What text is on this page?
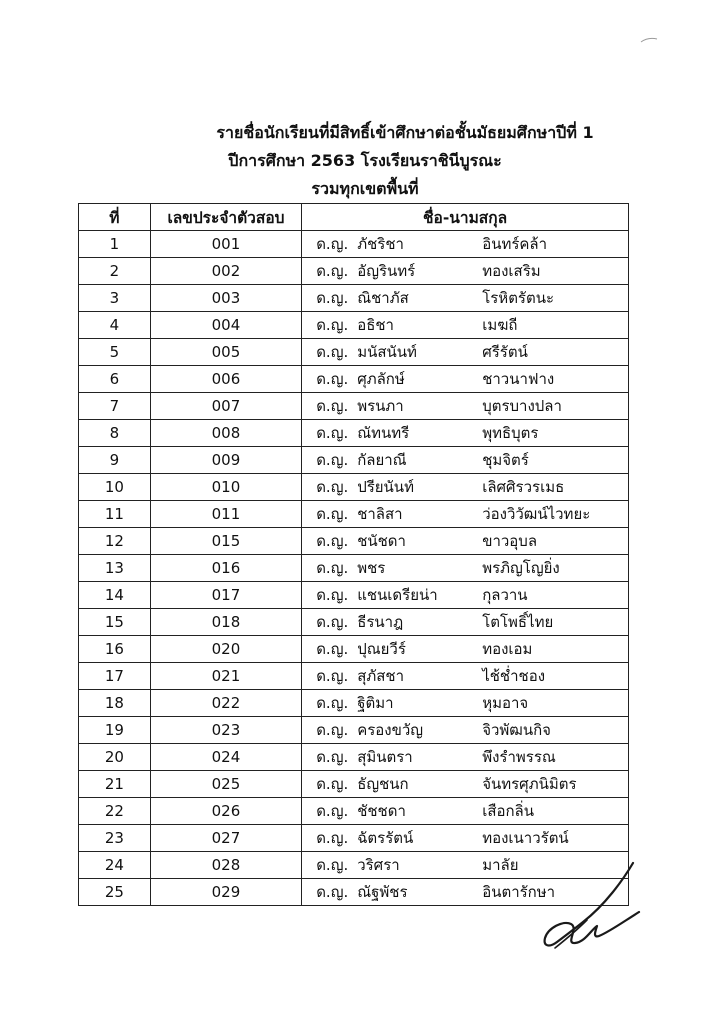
รายชื่อนักเรียนที่มีสิทธิ์เข้าศึกษาต่อชั้นมัธยมศึกษาปีที่ 1
ปีการศึกษา 2563 โรงเรียนราชินีบูรณะ
รวมทุกเขตพื้นที่
ที่	เลขประจำตัวสอบ	ชื่อ-นามสกุล
1	001	ด.ญ. ภัชริชา อินทร์คล้า

2	002	ด.ญ. อัญรินทร์ ทองเสริม

3	003	ด.ญ. ณิชาภัส โรหิตรัตนะ

4	004	ด.ญ. อธิชา เมฆถี

5	005	ด.ญ. มนัสนันท์ ศรีรัตน์

6	006	ด.ญ. ศุภลักษ์ ชาวนาฟาง

7	007	ด.ญ. พรนภา บุตรบางปลา

8	008	ด.ญ. ณัทนทรี พุทธิบุตร

9	009	ด.ญ. กัลยาณี ชุมจิตร์

10	010	ด.ญ. ปรียนันท์ เลิศศิรวรเมธ

11	011	ด.ญ. ชาลิสา ว่องวิวัฒน์ไวทยะ

12	015	ด.ญ. ชนัชดา ขาวอุบล

13	016	ด.ญ. พชร พรภิญโญยิ่ง

14	017	ด.ญ. แชนเดรียน่า กุลวาน

15	018	ด.ญ. ธีรนาฎ โตโพธิ์ไทย

16	020	ด.ญ. ปุณยวีร์ ทองเอม

17	021	ด.ญ. สุภัสชา ไช้ช่ำชอง

18	022	ด.ญ. ฐิติมา หุมอาจ

19	023	ด.ญ. ครองขวัญ จิวพัฒนกิจ

20	024	ด.ญ. สุมินตรา พึงรำพรรณ

21	025	ด.ญ. ธัญชนก จันทรศุภนิมิตร

22	026	ด.ญ. ชัชชดา เสือกลิ่น

23	027	ด.ญ. ฉัตรรัตน์ ทองเนาวรัตน์

24	028	ด.ญ. วริศรา มาลัย

25	029	ด.ญ. ณัฐพัชร อินตารักษา
